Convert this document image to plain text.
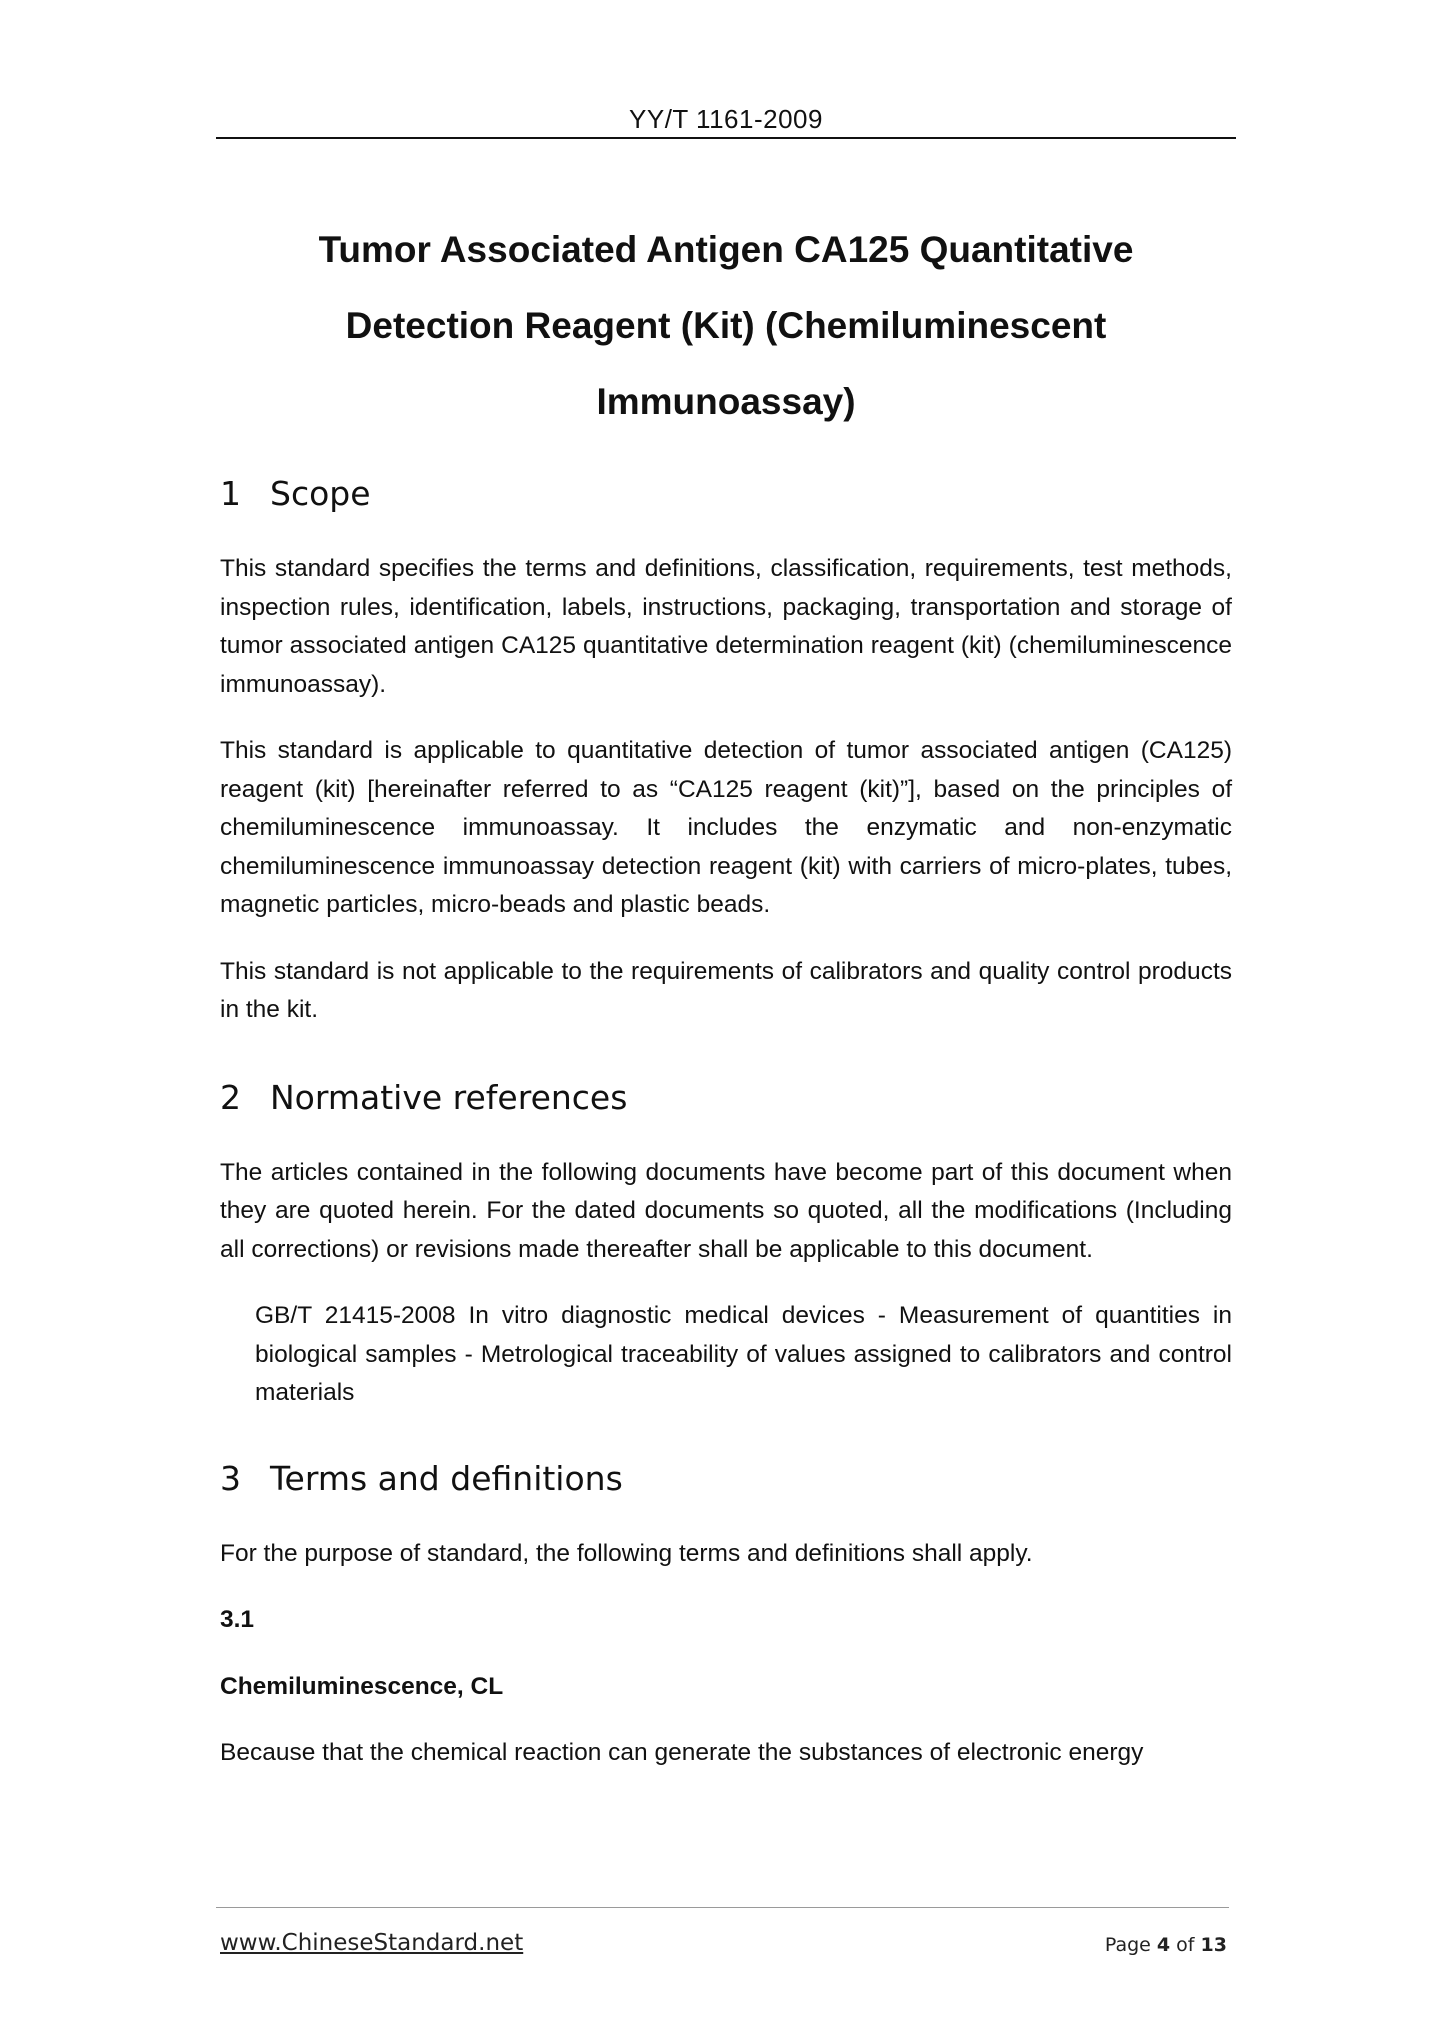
YY/T 1161-2009
Tumor Associated Antigen CA125 Quantitative
Detection Reagent (Kit) (Chemiluminescent
Immunoassay)
1 Scope

This standard specifies the terms and definitions, classification, requirements, test methods, inspection rules, identification, labels, instructions, packaging, transportation and storage of tumor associated antigen CA125 quantitative determination reagent (kit) (chemiluminescence immunoassay).

This standard is applicable to quantitative detection of tumor associated antigen (CA125) reagent (kit) [hereinafter referred to as “CA125 reagent (kit)”], based on the principles of chemiluminescence immunoassay. It includes the enzymatic and non-enzymatic chemiluminescence immunoassay detection reagent (kit) with carriers of micro-plates, tubes, magnetic particles, micro-beads and plastic beads.

This standard is not applicable to the requirements of calibrators and quality control products in the kit.

2 Normative references

The articles contained in the following documents have become part of this document when they are quoted herein. For the dated documents so quoted, all the modifications (Including all corrections) or revisions made thereafter shall be applicable to this document.

GB/T 21415-2008 In vitro diagnostic medical devices - Measurement of quantities in biological samples - Metrological traceability of values assigned to calibrators and control materials

3 Terms and definitions

For the purpose of standard, the following terms and definitions shall apply.

3.1

Chemiluminescence, CL

Because that the chemical reaction can generate the substances of electronic energy

www.ChineseStandard.net	Page 4 of 13
